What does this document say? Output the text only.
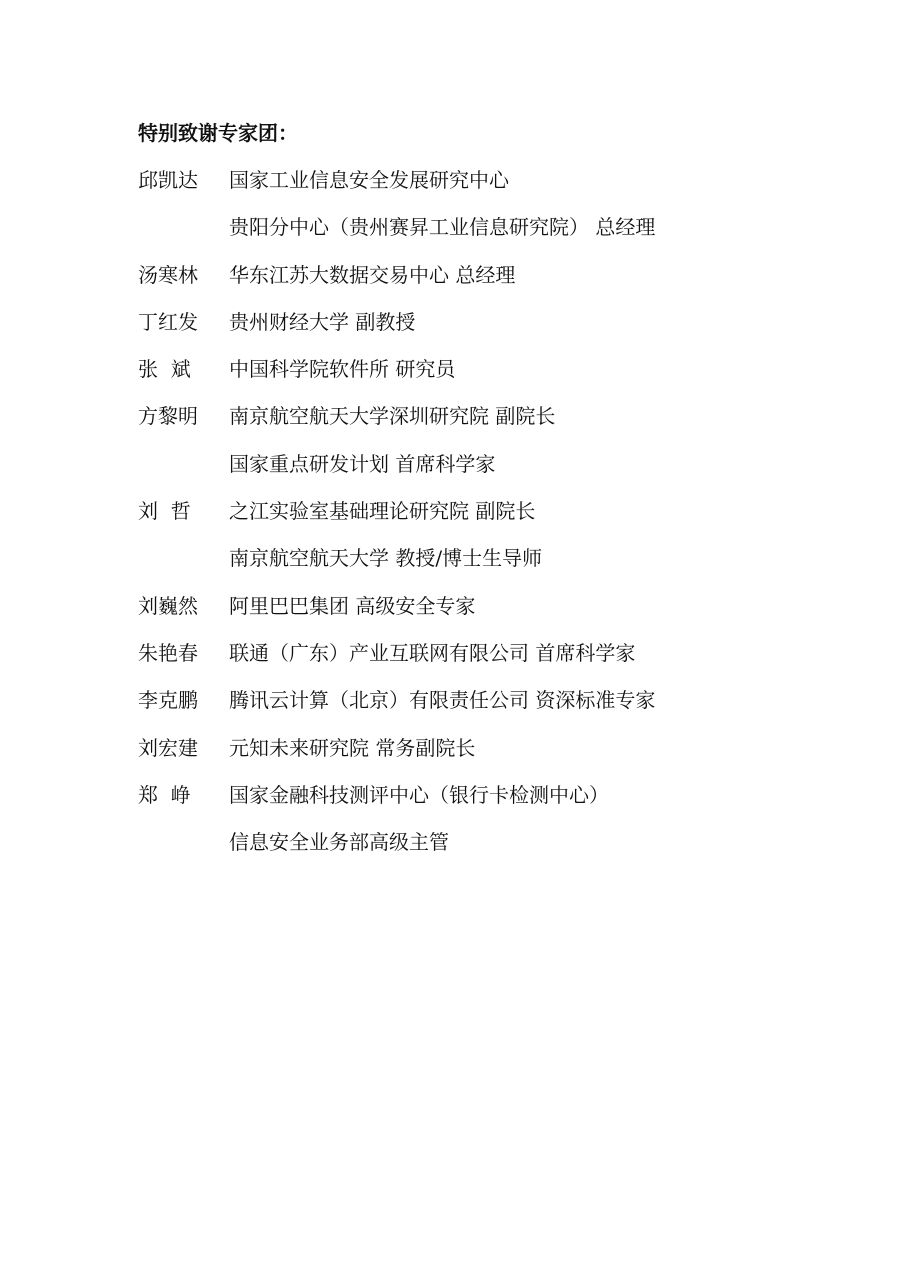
特别致谢专家团：
邱凯达	国家工业信息安全发展研究中心
贵阳分中心（贵州赛昇工业信息研究院） 总经理
汤寒林	华东江苏大数据交易中心 总经理
丁红发	贵州财经大学 副教授
张  斌	中国科学院软件所 研究员
方黎明	南京航空航天大学深圳研究院 副院长
国家重点研发计划 首席科学家
刘  哲	之江实验室基础理论研究院 副院长
南京航空航天大学 教授/博士生导师
刘巍然	阿里巴巴集团 高级安全专家
朱艳春	联通（广东）产业互联网有限公司 首席科学家
李克鹏	腾讯云计算（北京）有限责任公司 资深标准专家
刘宏建	元知未来研究院 常务副院长
郑  峥	国家金融科技测评中心（银行卡检测中心）
信息安全业务部高级主管
